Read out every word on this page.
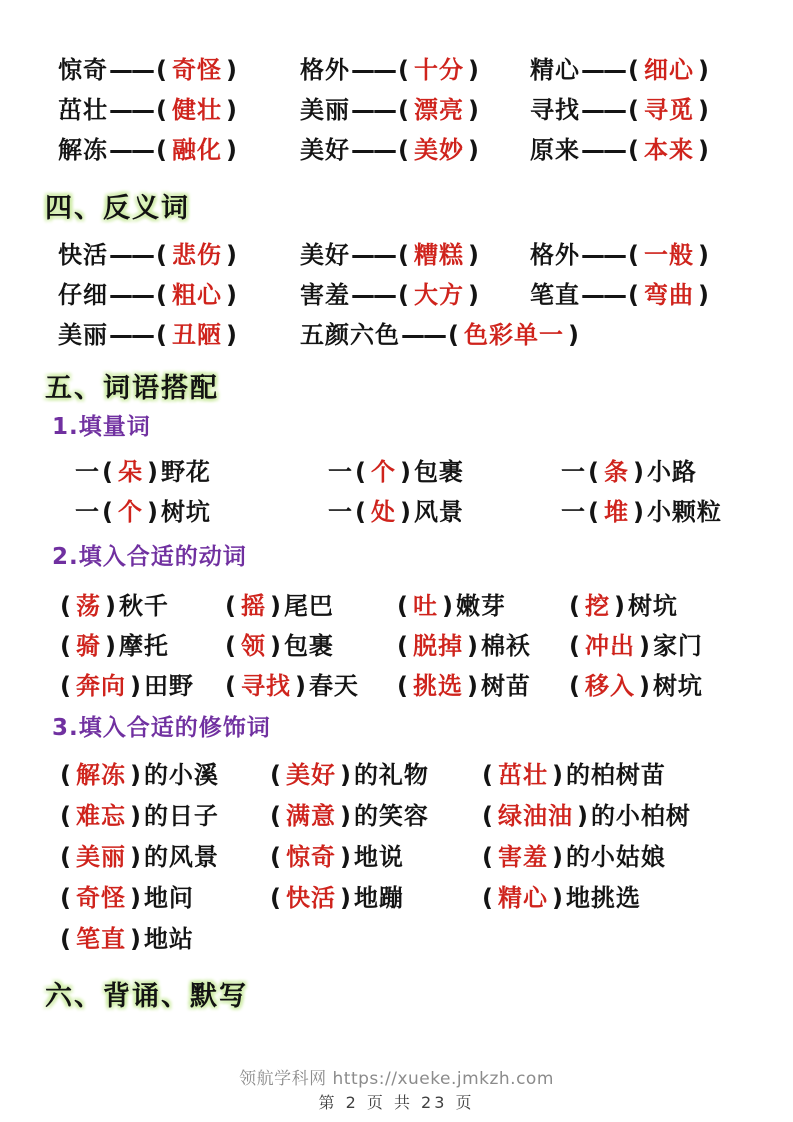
惊奇—— ( 奇怪 )	格外—— ( 十分 )	精心—— ( 细心 )
茁壮—— ( 健壮 )	美丽—— ( 漂亮 )	寻找—— ( 寻觅 )
解冻—— ( 融化 )	美好—— ( 美妙 )	原来—— ( 本来 )
四、反义词
快活—— ( 悲伤 )	美好—— ( 糟糕 )	格外—— ( 一般 )
仔细—— ( 粗心 )	害羞—— ( 大方 )	笔直—— ( 弯曲 )
美丽—— ( 丑陋 )	五颜六色—— ( 色彩单一 )
五、词语搭配
1.填量词
一( 朵 )野花	一( 个 )包裹	一( 条 )小路
一( 个 )树坑	一( 处 )风景	一( 堆 )小颗粒
2.填入合适的动词
( 荡 )秋千	( 摇 )尾巴	( 吐 )嫩芽	( 挖 )树坑
( 骑 )摩托	( 领 )包裹	( 脱掉 )棉袄	( 冲出 )家门
( 奔向 )田野	( 寻找 )春天	( 挑选 )树苗	( 移入 )树坑
3.填入合适的修饰词
( 解冻 )的小溪	( 美好 )的礼物	( 茁壮 )的柏树苗
( 难忘 )的日子	( 满意 )的笑容	( 绿油油 )的小柏树
( 美丽 )的风景	( 惊奇 )地说	( 害羞 )的小姑娘
( 奇怪 )地问	( 快活 )地蹦	( 精心 )地挑选
( 笔直 )地站
六、背诵、默写
领航学科网 https://xueke.jmkzh.com
第 2 页 共 23 页
